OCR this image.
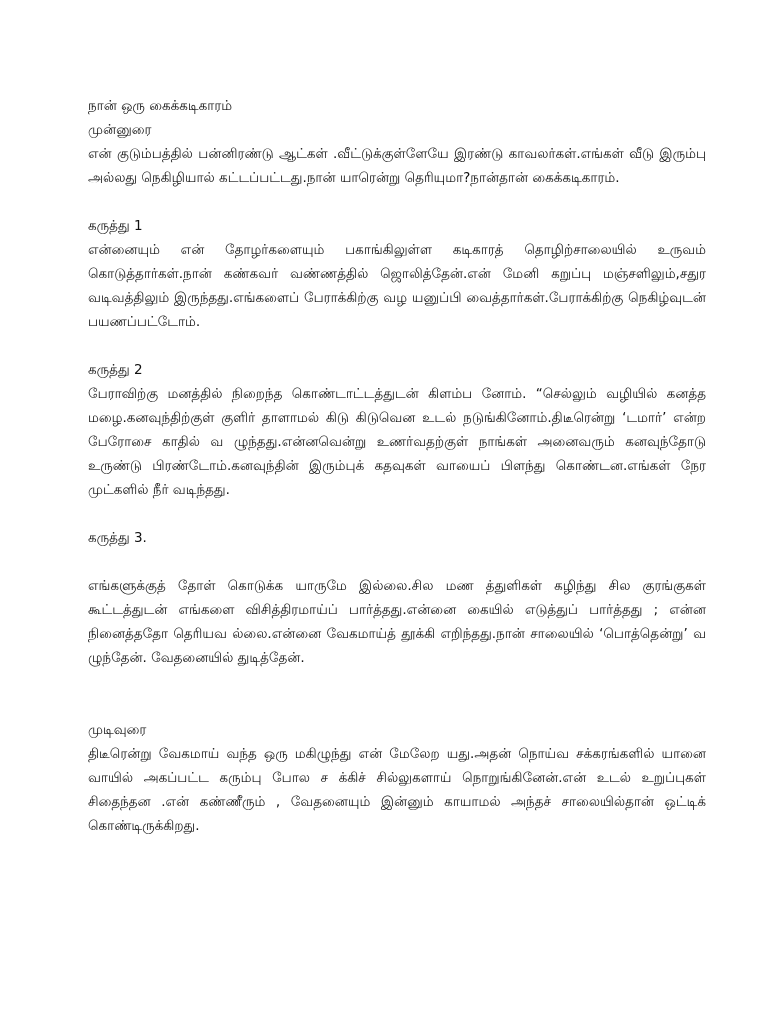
நான் ஒரு கைக்கடிகாரம்

முன்னுரை

என் குடும்பத்தில் பன்னிரண்டு ஆட்கள் .வீட்டுக்குள்ளேயே இரண்டு காவலர்கள்.எங்கள் வீடு இரும்பு அல்லது நெகிழியால் கட்டப்பட்டது.நான் யாரென்று தெரியுமா?நான்தான் கைக்கடிகாரம்.

கருத்து 1

என்னையும் என் தோழர்களையும் பகாங்கிலுள்ள கடிகாரத் தொழிற்சாலையில் உருவம் கொடுத்தார்கள்.நான் கண்கவர் வண்ணத்தில் ஜொலித்தேன்.என் மேனி கறுப்பு மஞ்சளிலும்,சதுர வடிவத்திலும் இருந்தது.எங்களைப் பேராக்கிற்கு வழ யனுப்பி வைத்தார்கள்.பேராக்கிற்கு நெகிழ்வுடன் பயணப்பட்டோம்.

கருத்து 2

பேராவிற்கு மனத்தில் நிறைந்த கொண்டாட்டத்துடன் கிளம்ப னோம். “செல்லும் வழியில் கனத்த மழை.கனவுந்திற்குள் குளிர் தாளாமல் கிடு கிடுவென உடல் நடுங்கினோம்.திடீரென்று ‘டமார்’ என்ற பேரோசை காதில் வ ழுந்தது.என்னவென்று உணர்வதற்குள் நாங்கள் அனைவரும் கனவுந்தோடு உருண்டு பிரண்டோம்.கனவுந்தின் இரும்புக் கதவுகள் வாயைப் பிளந்து கொண்டன.எங்கள் நேர முட்களில் நீர் வடிந்தது.

கருத்து 3.

எங்களுக்குத் தோள் கொடுக்க யாருமே இல்லை.சில மண த்துளிகள் கழிந்து சில குரங்குகள் கூட்டத்துடன் எங்களை விசித்திரமாய்ப் பார்த்தது.என்னை கையில் எடுத்துப் பார்த்தது ; என்ன நினைத்ததோ தெரியவ ல்லை.என்னை வேகமாய்த் தூக்கி எறிந்தது.நான் சாலையில் ‘பொத்தென்று’ வ ழுந்தேன். வேதனையில் துடித்தேன்.

முடிவுரை

திடீரென்று வேகமாய் வந்த ஒரு மகிழுந்து என் மேலேற யது.அதன் நொய்வ சக்கரங்களில் யானை வாயில் அகப்பட்ட கரும்பு போல ச க்கிச் சில்லுகளாய் நொறுங்கினேன்.என் உடல் உறுப்புகள் சிதைந்தன .என் கண்ணீரும் , வேதனையும் இன்னும் காயாமல் அந்தச் சாலையில்தான் ஒட்டிக் கொண்டிருக்கிறது.
